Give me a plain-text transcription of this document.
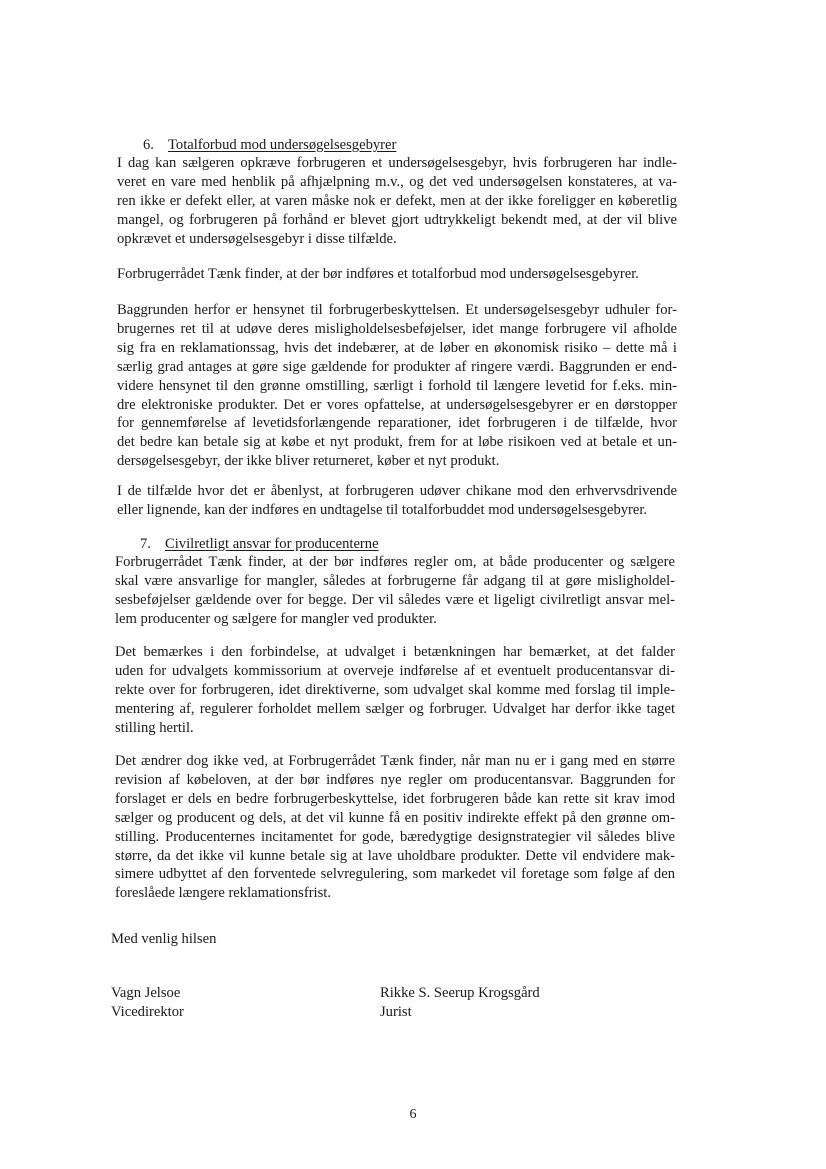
6. Totalforbud mod undersøgelsesgebyrer
I dag kan sælgeren opkræve forbrugeren et undersøgelsesgebyr, hvis forbrugeren har indle-
veret en vare med henblik på afhjælpning m.v., og det ved undersøgelsen konstateres, at va-
ren ikke er defekt eller, at varen måske nok er defekt, men at der ikke foreligger en køberetlig
mangel, og forbrugeren på forhånd er blevet gjort udtrykkeligt bekendt med, at der vil blive
opkrævet et undersøgelsesgebyr i disse tilfælde.
Forbrugerrådet Tænk finder, at der bør indføres et totalforbud mod undersøgelsesgebyrer.
Baggrunden herfor er hensynet til forbrugerbeskyttelsen. Et undersøgelsesgebyr udhuler for-
brugernes ret til at udøve deres misligholdelsesbeføjelser, idet mange forbrugere vil afholde
sig fra en reklamationssag, hvis det indebærer, at de løber en økonomisk risiko – dette må i
særlig grad antages at gøre sige gældende for produkter af ringere værdi. Baggrunden er end-
videre hensynet til den grønne omstilling, særligt i forhold til længere levetid for f.eks. min-
dre elektroniske produkter. Det er vores opfattelse, at undersøgelsesgebyrer er en dørstopper
for gennemførelse af levetidsforlængende reparationer, idet forbrugeren i de tilfælde, hvor
det bedre kan betale sig at købe et nyt produkt, frem for at løbe risikoen ved at betale et un-
dersøgelsesgebyr, der ikke bliver returneret, køber et nyt produkt.
I de tilfælde hvor det er åbenlyst, at forbrugeren udøver chikane mod den erhvervsdrivende
eller lignende, kan der indføres en undtagelse til totalforbuddet mod undersøgelsesgebyrer.
7. Civilretligt ansvar for producenterne
Forbrugerrådet Tænk finder, at der bør indføres regler om, at både producenter og sælgere
skal være ansvarlige for mangler, således at forbrugerne får adgang til at gøre misligholdel-
sesbeføjelser gældende over for begge. Der vil således være et ligeligt civilretligt ansvar mel-
lem producenter og sælgere for mangler ved produkter.
Det bemærkes i den forbindelse, at udvalget i betænkningen har bemærket, at det falder
uden for udvalgets kommissorium at overveje indførelse af et eventuelt producentansvar di-
rekte over for forbrugeren, idet direktiverne, som udvalget skal komme med forslag til imple-
mentering af, regulerer forholdet mellem sælger og forbruger. Udvalget har derfor ikke taget
stilling hertil.
Det ændrer dog ikke ved, at Forbrugerrådet Tænk finder, når man nu er i gang med en større
revision af købeloven, at der bør indføres nye regler om producentansvar. Baggrunden for
forslaget er dels en bedre forbrugerbeskyttelse, idet forbrugeren både kan rette sit krav imod
sælger og producent og dels, at det vil kunne få en positiv indirekte effekt på den grønne om-
stilling. Producenternes incitamentet for gode, bæredygtige designstrategier vil således blive
større, da det ikke vil kunne betale sig at lave uholdbare produkter. Dette vil endvidere mak-
simere udbyttet af den forventede selvregulering, som markedet vil foretage som følge af den
foreslåede længere reklamationsfrist.
Med venlig hilsen
Vagn Jelsoe
Vicedirektor
Rikke S. Seerup Krogsgård
Jurist
6
